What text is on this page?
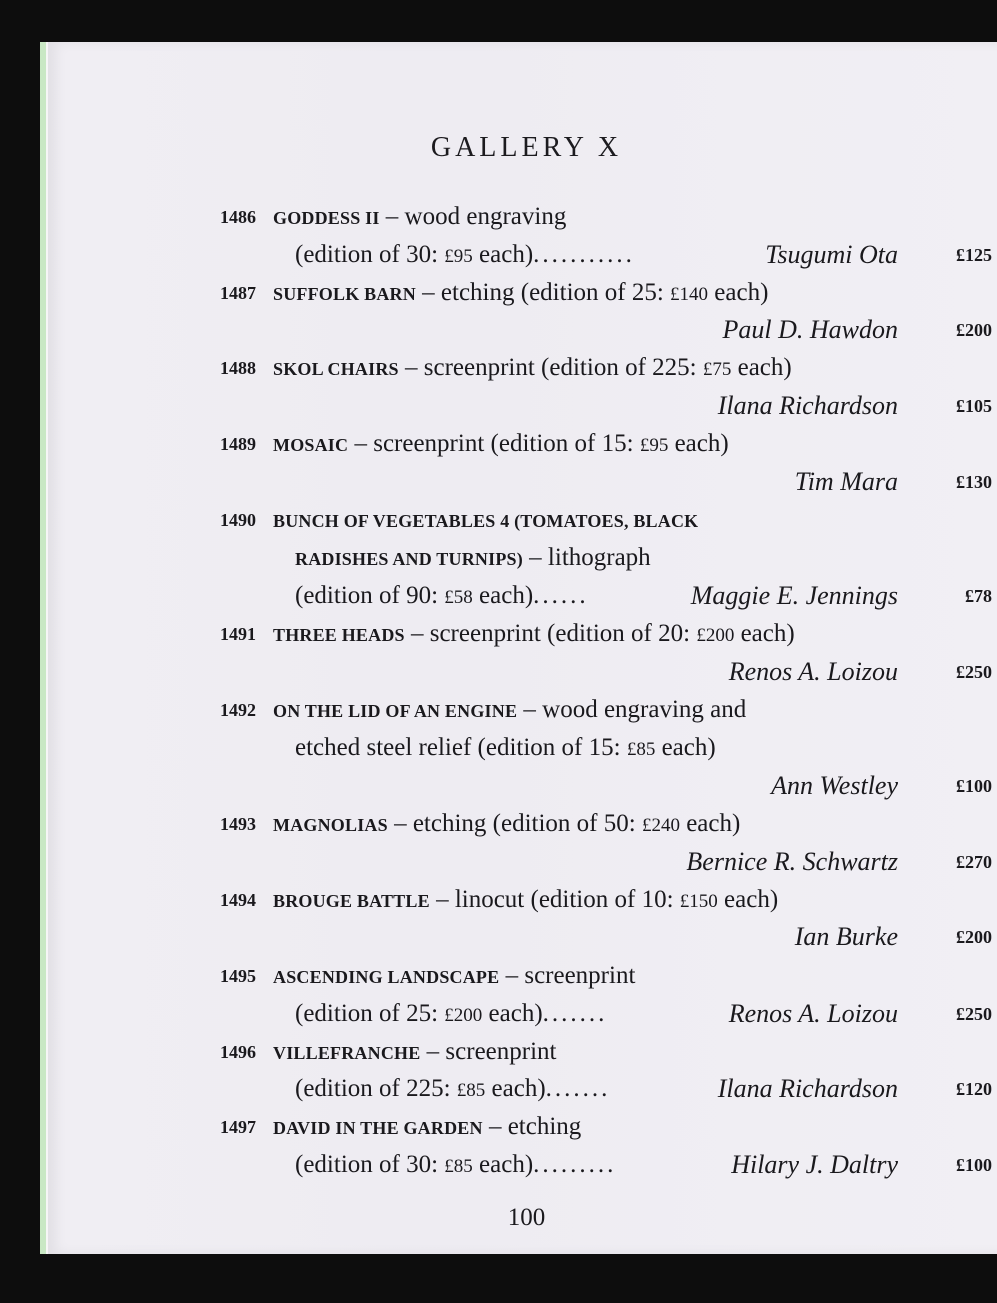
GALLERY X
1486 GODDESS II – wood engraving
(edition of 30: £95 each)...........	Tsugumi Ota	£125
1487 SUFFOLK BARN – etching (edition of 25: £140 each)
Paul D. Hawdon	£200
1488 SKOL CHAIRS – screenprint (edition of 225: £75 each)
Ilana Richardson	£105
1489 MOSAIC – screenprint (edition of 15: £95 each)
Tim Mara	£130
1490 BUNCH OF VEGETABLES 4 (TOMATOES, BLACK
RADISHES AND TURNIPS) – lithograph
(edition of 90: £58 each)......	Maggie E. Jennings	£78
1491 THREE HEADS – screenprint (edition of 20: £200 each)
Renos A. Loizou	£250
1492 ON THE LID OF AN ENGINE – wood engraving and
etched steel relief (edition of 15: £85 each)
Ann Westley	£100
1493 MAGNOLIAS – etching (edition of 50: £240 each)
Bernice R. Schwartz	£270
1494 BROUGE BATTLE – linocut (edition of 10: £150 each)
Ian Burke	£200
1495 ASCENDING LANDSCAPE – screenprint
(edition of 25: £200 each).......	Renos A. Loizou	£250
1496 VILLEFRANCHE – screenprint
(edition of 225: £85 each).......	Ilana Richardson	£120
1497 DAVID IN THE GARDEN – etching
(edition of 30: £85 each).........	Hilary J. Daltry	£100
100
